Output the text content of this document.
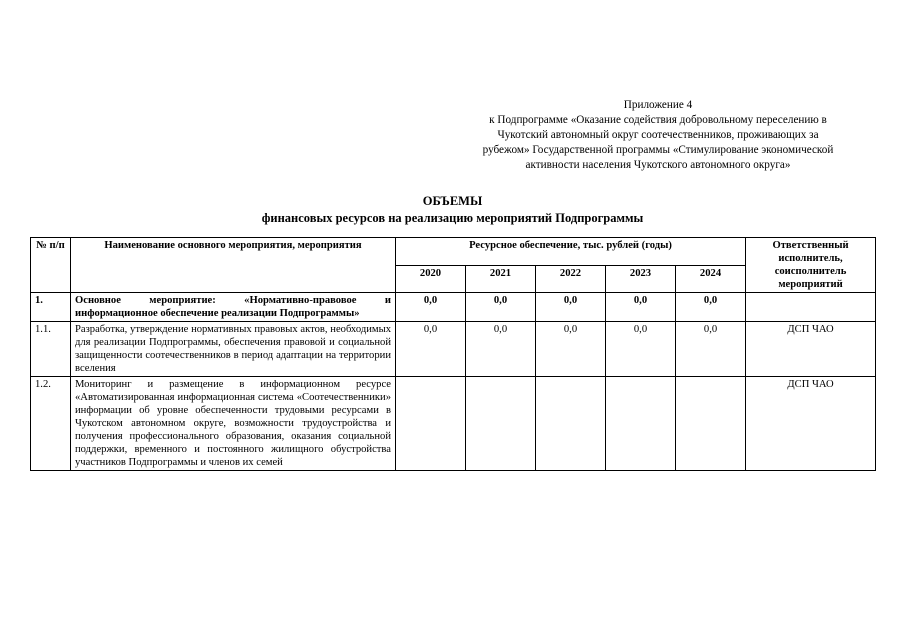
Приложение 4
к Подпрограмме «Оказание содействия добровольному переселению в
Чукотский автономный округ соотечественников, проживающих за
рубежом» Государственной программы «Стимулирование экономической
активности населения Чукотского автономного округа»
ОБЪЕМЫ
финансовых ресурсов на реализацию мероприятий Подпрограммы
№ п/п	Наименование основного мероприятия, мероприятия	Ресурсное обеспечение, тыс. рублей (годы)					Ответственный исполнитель, соисполнитель мероприятий
		2020	2021	2022	2023	2024	
1.	Основное мероприятие: «Нормативно-правовое и информационное обеспечение реализации Подпрограммы»	0,0	0,0	0,0	0,0	0,0	
1.1.	Разработка, утверждение нормативных правовых актов, необходимых для реализации Подпрограммы, обеспечения правовой и социальной защищенности соотечественников в период адаптации на территории вселения	0,0	0,0	0,0	0,0	0,0	ДСП ЧАО
1.2.	Мониторинг и размещение в информационном ресурсе «Автоматизированная информационная система «Соотечественники» информации об уровне обеспеченности трудовыми ресурсами в Чукотском автономном округе, возможности трудоустройства и получения профессионального образования, оказания социальной поддержки, временного и постоянного жилищного обустройства участников Подпрограммы и членов их семей						ДСП ЧАО
